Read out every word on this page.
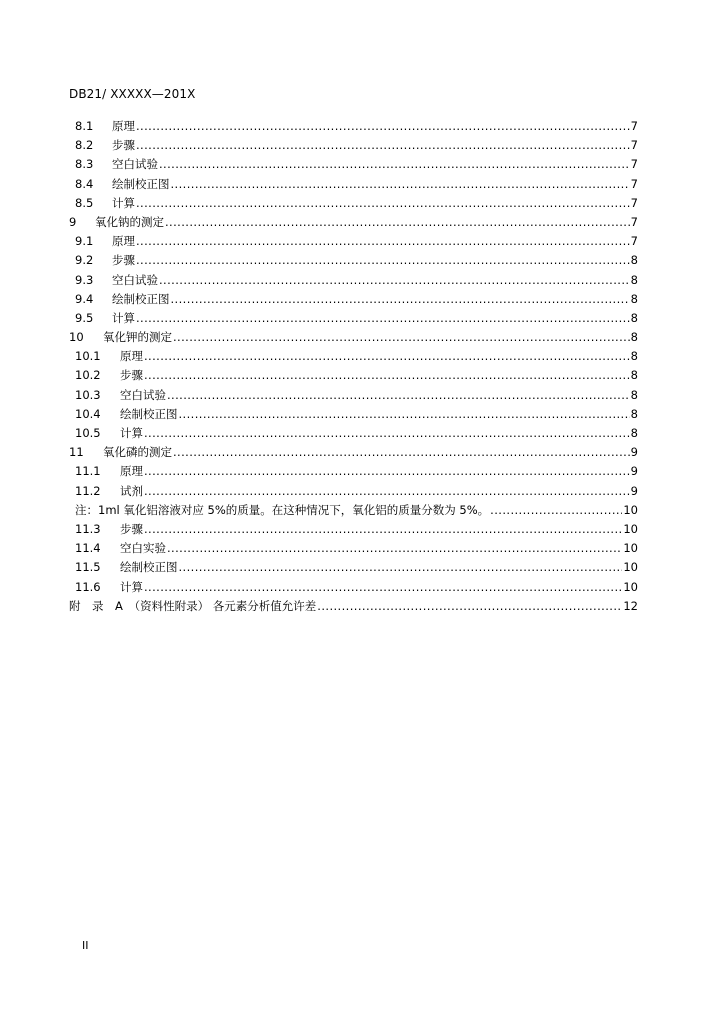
DB21/ XXXXX—201X
8.1	原理 .....	7
8.2	步骤 .....	7
8.3	空白试验 .....	7
8.4	绘制校正图 .....	7
8.5	计算 .....	7
9	氧化钠的测定 .....	7
9.1	原理 .....	7
9.2	步骤 .....	8
9.3	空白试验 .....	8
9.4	绘制校正图 .....	8
9.5	计算 .....	8
10	氧化钾的测定 .....	8
10.1	原理 .....	8
10.2	步骤 .....	8
10.3	空白试验 .....	8
10.4	绘制校正图 .....	8
10.5	计算 .....	8
11	氧化磷的测定 .....	9
11.1	原理 .....	9
11.2	试剂 .....	9
注：1ml 氧化铝溶液对应 5%的质量。在这种情况下，氧化铝的质量分数为 5%。 .....	10
11.3	步骤 .....	10
11.4	空白实验 .....	10
11.5	绘制校正图 .....	10
11.6	计算 .....	10
附　录　A　（资料性附录） 各元素分析值允许差 .....	12
II
